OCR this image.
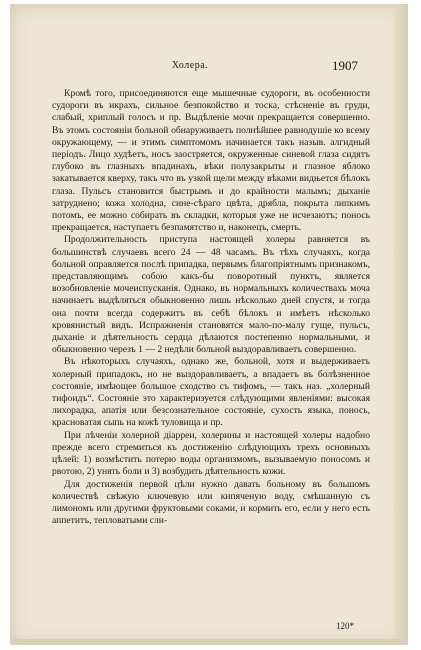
Холера.	1907

Кромѣ того, присоединяются еще мышечные судороги, въ особенности судороги въ икрахъ, сильное безпокойство и тоска, стѣсненіе въ груди, слабый, хриплый голосъ и пр. Выдѣленіе мочи прекращается совершенно. Въ этомъ состояніи больной обнаруживаетъ полнѣйшее равнодушіе ко всему окружающему, — и этимъ симптомомъ начинается такъ назыв. алгидный періодъ. Лицо худѣетъ, носъ заостряется, окруженные синевой глаза сидятъ глубоко въ глазныхъ впадинахъ, вѣки полузакрыты и глазное яблоко закатывается кверху, такъ что въ узкой щели между вѣками видњется бѣлокъ глаза. Пульсъ становится быстрымъ и до крайности малымъ; дыханіе затруднено; кожа холодна, сине-сѣраго цвѣта, дрябла, покрыта липкимъ потомъ, ее можно собирать въ складки, которыя уже не исчезаютъ; понось прекращается, наступаетъ безпамятство и, наконецъ, смерть.

Продолжительность приступа настоящей холеры равняется въ большинствѣ случаевъ всего 24 — 48 часамъ. Въ тѣхъ случаяхъ, когда больной оправляется послѣ припадка, первымъ благопріятнымъ признакомъ, представляющимъ собою какъ-бы поворотный пунктъ, является возобновленіе мочеиспусканія. Однако, въ нормальныхъ количествахъ моча начинаетъ выдѣляться обыкновенно лишь нѣсколько дней спустя, и тогда она почти всегда содержитъ въ себѣ бѣлокъ и имѣетъ нѣсколько кровянистый видъ. Испражненія становятся мало-по-малу гуще, пульсъ, дыханіе и дѣятельность сердца дѣлаются постепенно нормальными, и обыкновенно черезъ 1 — 2 недѣли больной выздоравливаетъ совершенно.

Въ нѣкоторыхъ случаяхъ, однако же, больной, хотя и выдерживаетъ холерный припадокъ, но не выздоравливаетъ, а впадаетъ въ болѣзненное состояніе, имѣющее большое сходство съ тифомъ, — такъ наз. „холерный тифоидъ“. Состояніе это характеризуется слѣдующими явленіями: высокая лихорадка, апатія или безсознательное состояніе, сухость языка, понось, красноватая сыпь на кожѣ туловища и пр.

При лѣченіи холерной діарреи, холерины и настоящей холеры надобно прежде всего стремиться къ достиженію слѣдующихъ трехъ основныхъ цѣлей: 1) возмѣстить потерю воды организмомъ, вызываемую поносомъ и рвотою, 2) унять боли и 3) возбудить дѣятельность кожи.

Для достиженія первой цѣли нужно давать больному въ большомъ количествѣ свѣжую ключевую или кипяченую воду, смѣшанную съ лимономъ или другими фруктовыми соками, и кормить его, если у него есть аппетитъ, тепловатыми сли-

120*
